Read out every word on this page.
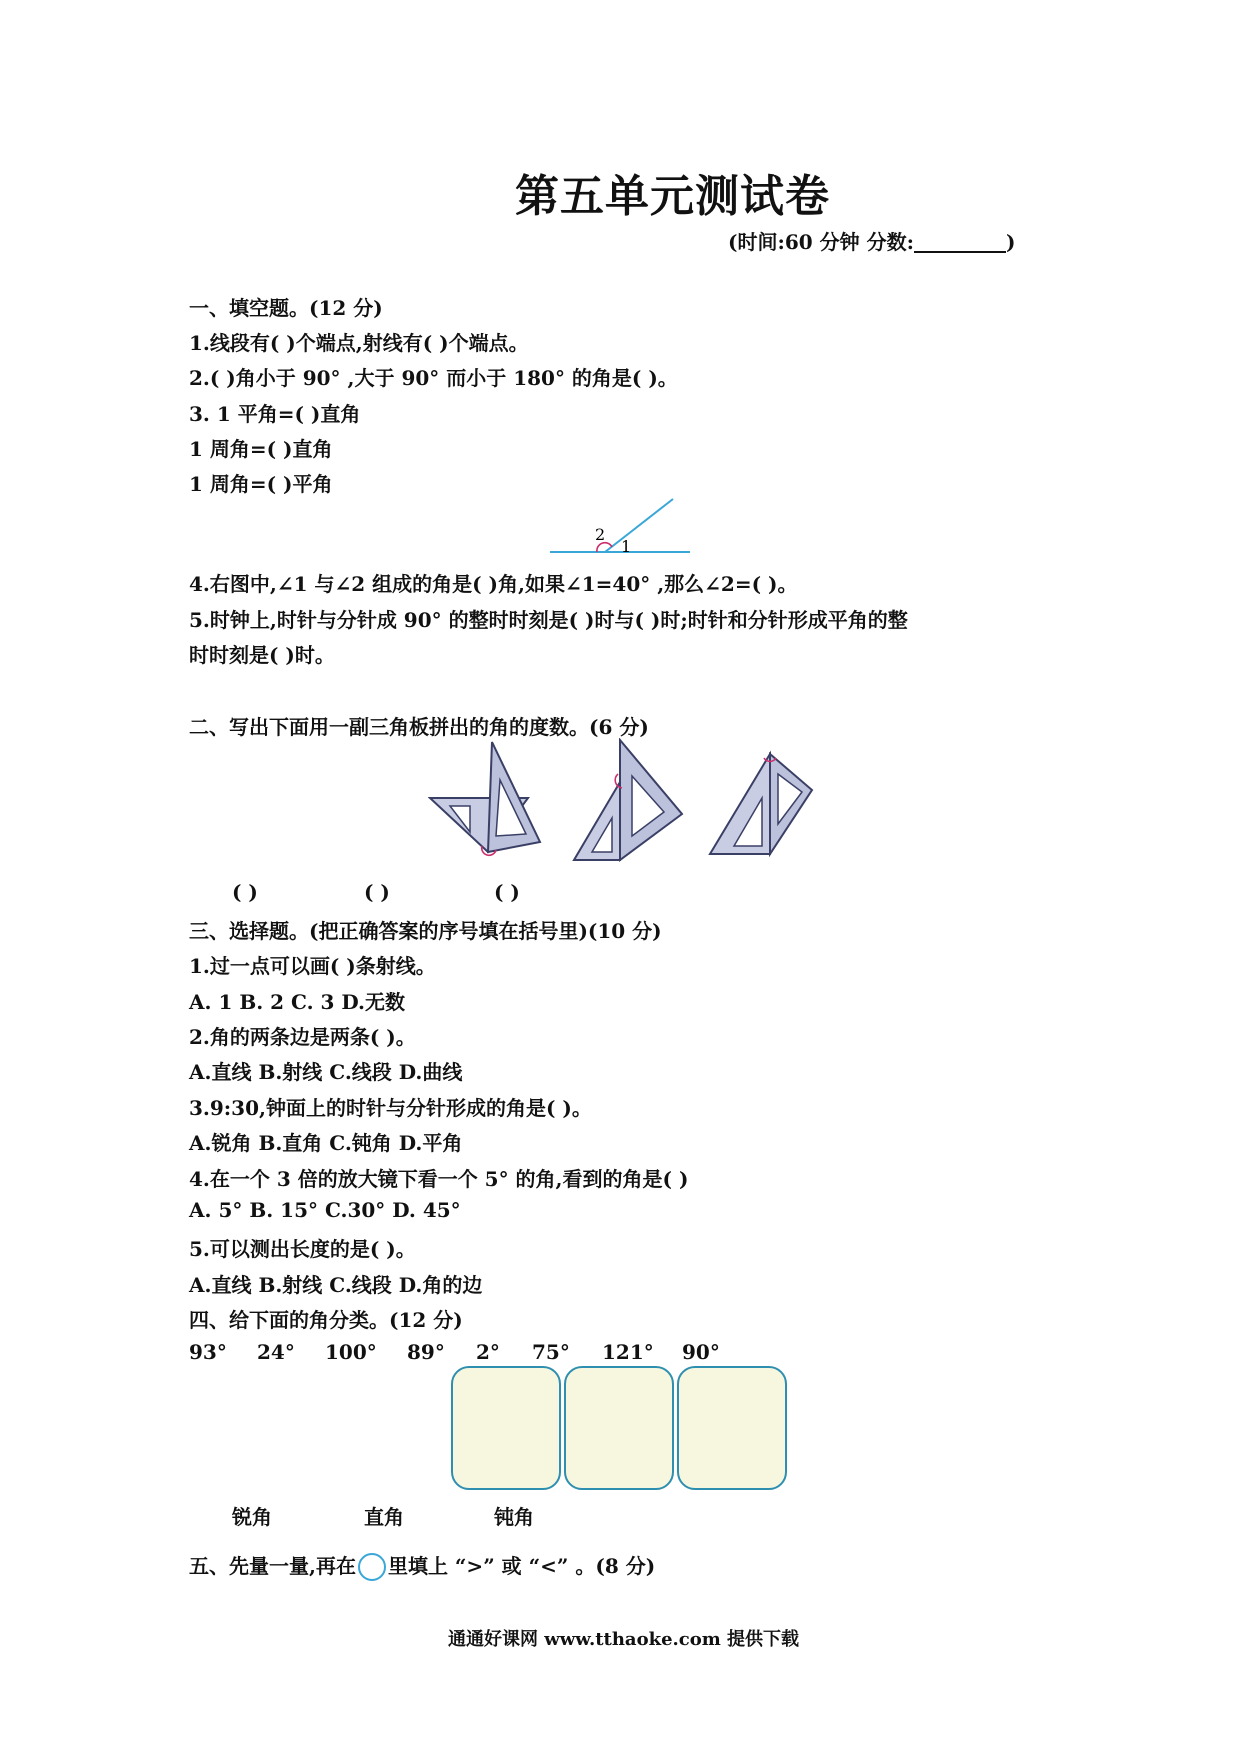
第五单元测试卷
(时间:60 分钟 分数:	)
一、填空题。(12 分)
1.线段有( )个端点,射线有( )个端点。
2.( )角小于 90° ,大于 90° 而小于 180° 的角是( )。
3. 1 平角=( )直角
1 周角=( )直角
1 周角=( )平角
2
1
4.右图中,∠1 与∠2 组成的角是( )角,如果∠1=40° ,那么∠2=( )。
5.时钟上,时针与分针成 90° 的整时时刻是( )时与( )时;时针和分针形成平角的整
时时刻是( )时。
二、写出下面用一副三角板拼出的角的度数。(6 分)
( )	( )	( )
三、选择题。(把正确答案的序号填在括号里)(10 分)
1.过一点可以画( )条射线。
A. 1 B. 2 C. 3 D.无数
2.角的两条边是两条( )。
A.直线 B.射线 C.线段 D.曲线
3.9:30,钟面上的时针与分针形成的角是( )。
A.锐角 B.直角 C.钝角 D.平角
4.在一个 3 倍的放大镜下看一个 5° 的角,看到的角是( )
A. 5° B. 15° C.30° D. 45°
5.可以测出长度的是( )。
A.直线 B.射线 C.线段 D.角的边
四、给下面的角分类。(12 分)
93° 24° 100° 89° 2° 75° 121° 90°
锐角	直角	钝角
五、先量一量,再在 里填上 “>” 或 “<” 。(8 分)
通通好课网 www.tthaoke.com 提供下载
